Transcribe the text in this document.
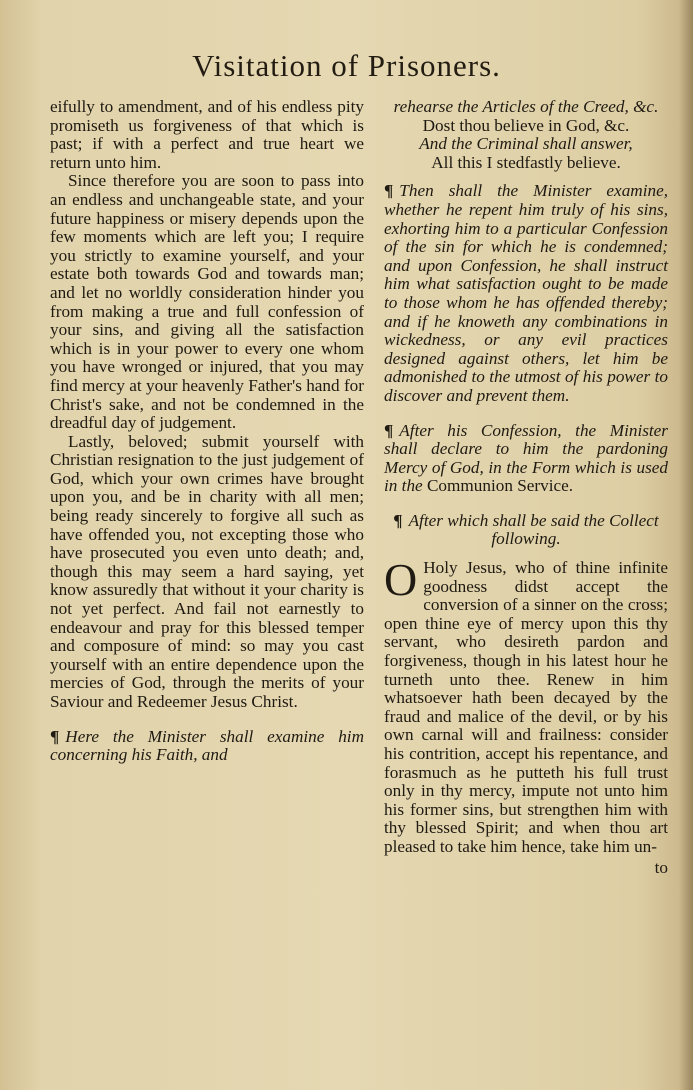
Visitation of Prisoners.

eifully to amendment, and of his endless pity promiseth us forgiveness of that which is past; if with a perfect and true heart we return unto him.

Since therefore you are soon to pass into an endless and unchangeable state, and your future happiness or misery depends upon the few moments which are left you; I require you strictly to examine yourself, and your estate both towards God and towards man; and let no worldly consideration hinder you from making a true and full confession of your sins, and giving all the satisfaction which is in your power to every one whom you have wronged or injured, that you may find mercy at your heavenly Father's hand for Christ's sake, and not be condemned in the dreadful day of judgement.

Lastly, beloved; submit yourself with Christian resignation to the just judgement of God, which your own crimes have brought upon you, and be in charity with all men; being ready sincerely to forgive all such as have offended you, not excepting those who have prosecuted you even unto death; and, though this may seem a hard saying, yet know assuredly that without it your charity is not yet perfect. And fail not earnestly to endeavour and pray for this blessed temper and composure of mind: so may you cast yourself with an entire dependence upon the mercies of God, through the merits of your Saviour and Redeemer Jesus Christ.

¶ Here the Minister shall examine him concerning his Faith, and

rehearse the Articles of the Creed, &c.

Dost thou believe in God, &c.

And the Criminal shall answer,

All this I stedfastly believe.

¶ Then shall the Minister examine, whether he repent him truly of his sins, exhorting him to a particular Confession of the sin for which he is condemned; and upon Confession, he shall instruct him what satisfaction ought to be made to those whom he has offended thereby; and if he knoweth any combinations in wickedness, or any evil practices designed against others, let him be admonished to the utmost of his power to discover and prevent them.

¶ After his Confession, the Minister shall declare to him the pardoning Mercy of God, in the Form which is used in the Communion Service.

¶ After which shall be said the Collect following.

O Holy Jesus, who of thine infinite goodness didst accept the conversion of a sinner on the cross; open thine eye of mercy upon this thy servant, who desireth pardon and forgiveness, though in his latest hour he turneth unto thee. Renew in him whatsoever hath been decayed by the fraud and malice of the devil, or by his own carnal will and frailness: consider his contrition, accept his repentance, and forasmuch as he putteth his full trust only in thy mercy, impute not unto him his former sins, but strengthen him with thy blessed Spirit; and when thou art pleased to take him hence, take him un-

to
